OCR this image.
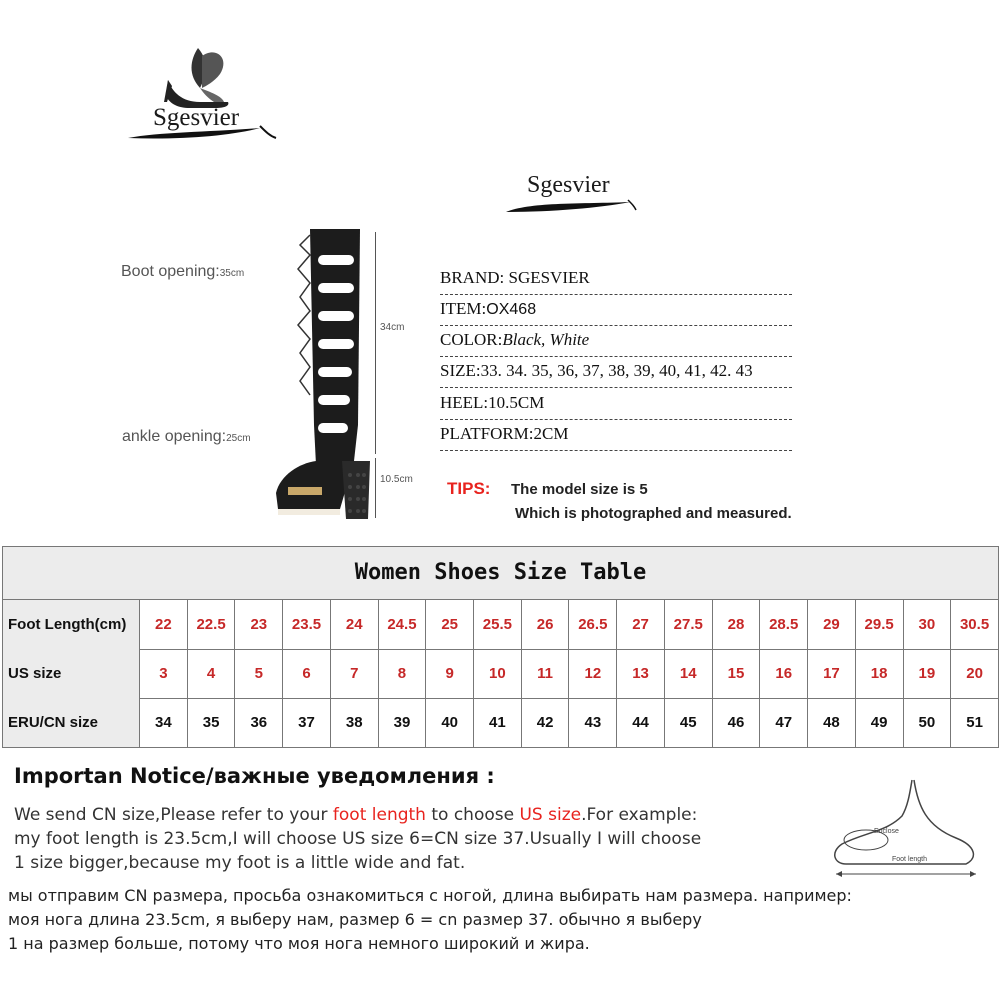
Sgesvier
Sgesvier
Boot opening:35cm
ankle opening:25cm
34cm
10.5cm
BRAND: SGESVIER
ITEM:OX468
COLOR:Black, White
SIZE:33. 34. 35, 36, 37, 38, 39, 40, 41, 42. 43
HEEL:10.5CM
PLATFORM:2CM
TIPS: The model size is 5
Which is photographed and measured.
Women Shoes Size Table
Foot Length(cm)	22	22.5	23	23.5	24	24.5	25	25.5	26	26.5	27	27.5	28	28.5	29	29.5	30	30.5
US size	3	4	5	6	7	8	9	10	11	12	13	14	15	16	17	18	19	20
ERU/CN size	34	35	36	37	38	39	40	41	42	43	44	45	46	47	48	49	50	51
Importan Notice/важные уведомления :
We send CN size,Please refer to your foot length to choose US size.For example:
my foot length is 23.5cm,I will choose US size 6=CN size 37.Usually I will choose
1 size bigger,because my foot is a little wide and fat.
мы отправим CN размера, просьба ознакомиться с ногой, длина выбирать нам размера. например:
моя нога длина 23.5cm, я выберу нам, размер 6 = cn размер 37. обычно я выберу
1 на размер больше, потому что моя нога немного широкий и жира.
Enclose
Foot length
